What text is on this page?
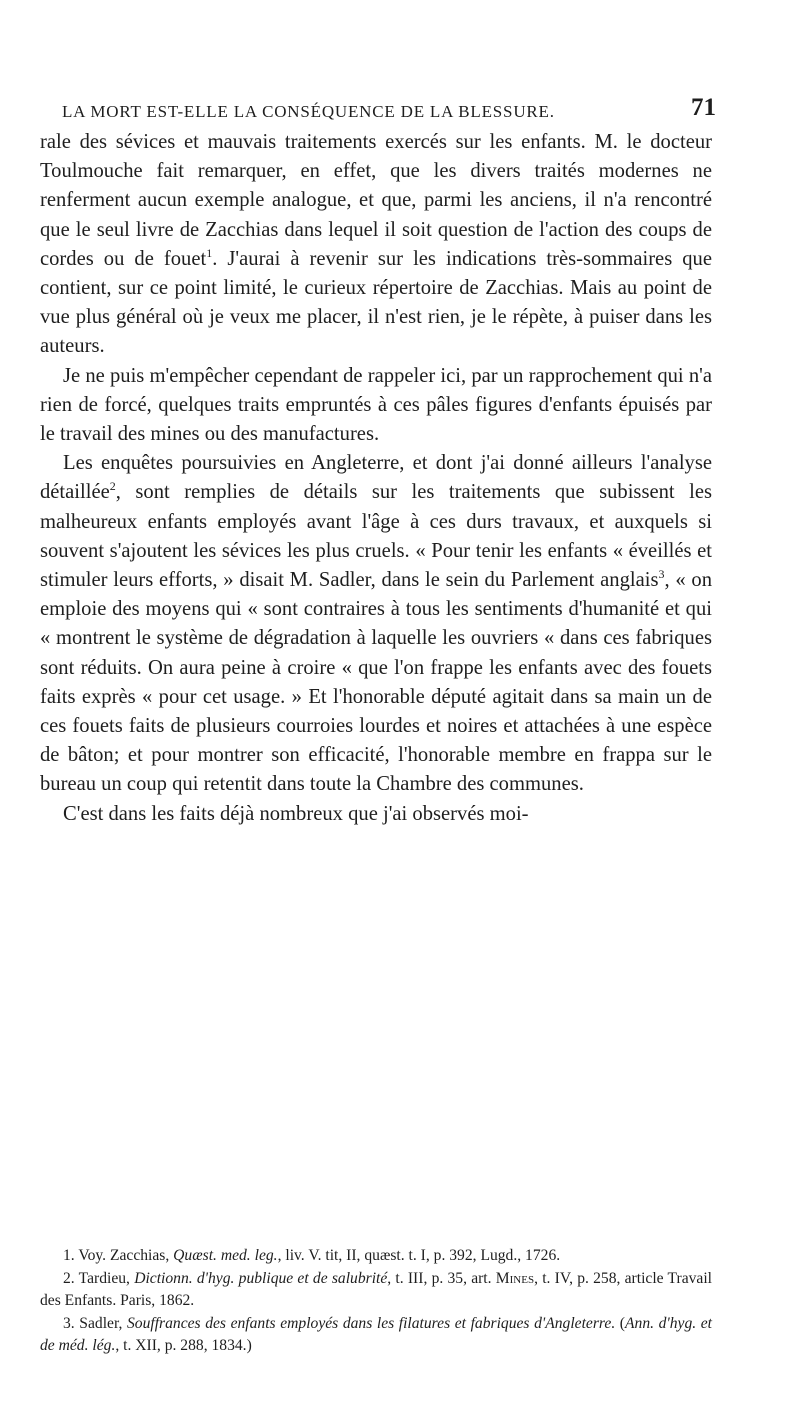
LA MORT EST-ELLE LA CONSÉQUENCE DE LA BLESSURE.	71

rale des sévices et mauvais traitements exercés sur les enfants. M. le docteur Toulmouche fait remarquer, en effet, que les divers traités modernes ne renferment aucun exemple analogue, et que, parmi les anciens, il n'a rencontré que le seul livre de Zacchias dans lequel il soit question de l'action des coups de cordes ou de fouet$^1$. J'aurai à revenir sur les indications très-sommaires que contient, sur ce point limité, le curieux répertoire de Zacchias. Mais au point de vue plus général où je veux me placer, il n'est rien, je le répète, à puiser dans les auteurs.

Je ne puis m'empêcher cependant de rappeler ici, par un rapprochement qui n'a rien de forcé, quelques traits empruntés à ces pâles figures d'enfants épuisés par le travail des mines ou des manufactures.

Les enquêtes poursuivies en Angleterre, et dont j'ai donné ailleurs l'analyse détaillée$^2$, sont remplies de détails sur les traitements que subissent les malheureux enfants employés avant l'âge à ces durs travaux, et auxquels si souvent s'ajoutent les sévices les plus cruels. « Pour tenir les enfants « éveillés et stimuler leurs efforts, » disait M. Sadler, dans le sein du Parlement anglais$^3$, « on emploie des moyens qui « sont contraires à tous les sentiments d'humanité et qui « montrent le système de dégradation à laquelle les ouvriers « dans ces fabriques sont réduits. On aura peine à croire « que l'on frappe les enfants avec des fouets faits exprès « pour cet usage. » Et l'honorable député agitait dans sa main un de ces fouets faits de plusieurs courroies lourdes et noires et attachées à une espèce de bâton; et pour montrer son efficacité, l'honorable membre en frappa sur le bureau un coup qui retentit dans toute la Chambre des communes.

C'est dans les faits déjà nombreux que j'ai observés moi-

1. Voy. Zacchias, Quæst. med. leg., liv. V. tit, II, quæst. t. I, p. 392, Lugd., 1726.

2. Tardieu, Dictionn. d'hyg. publique et de salubrité, t. III, p. 35, art. Mines, t. IV, p. 258, article Travail des Enfants. Paris, 1862.

3. Sadler, Souffrances des enfants employés dans les filatures et fabriques d'Angleterre. (Ann. d'hyg. et de méd. lég., t. XII, p. 288, 1834.)
